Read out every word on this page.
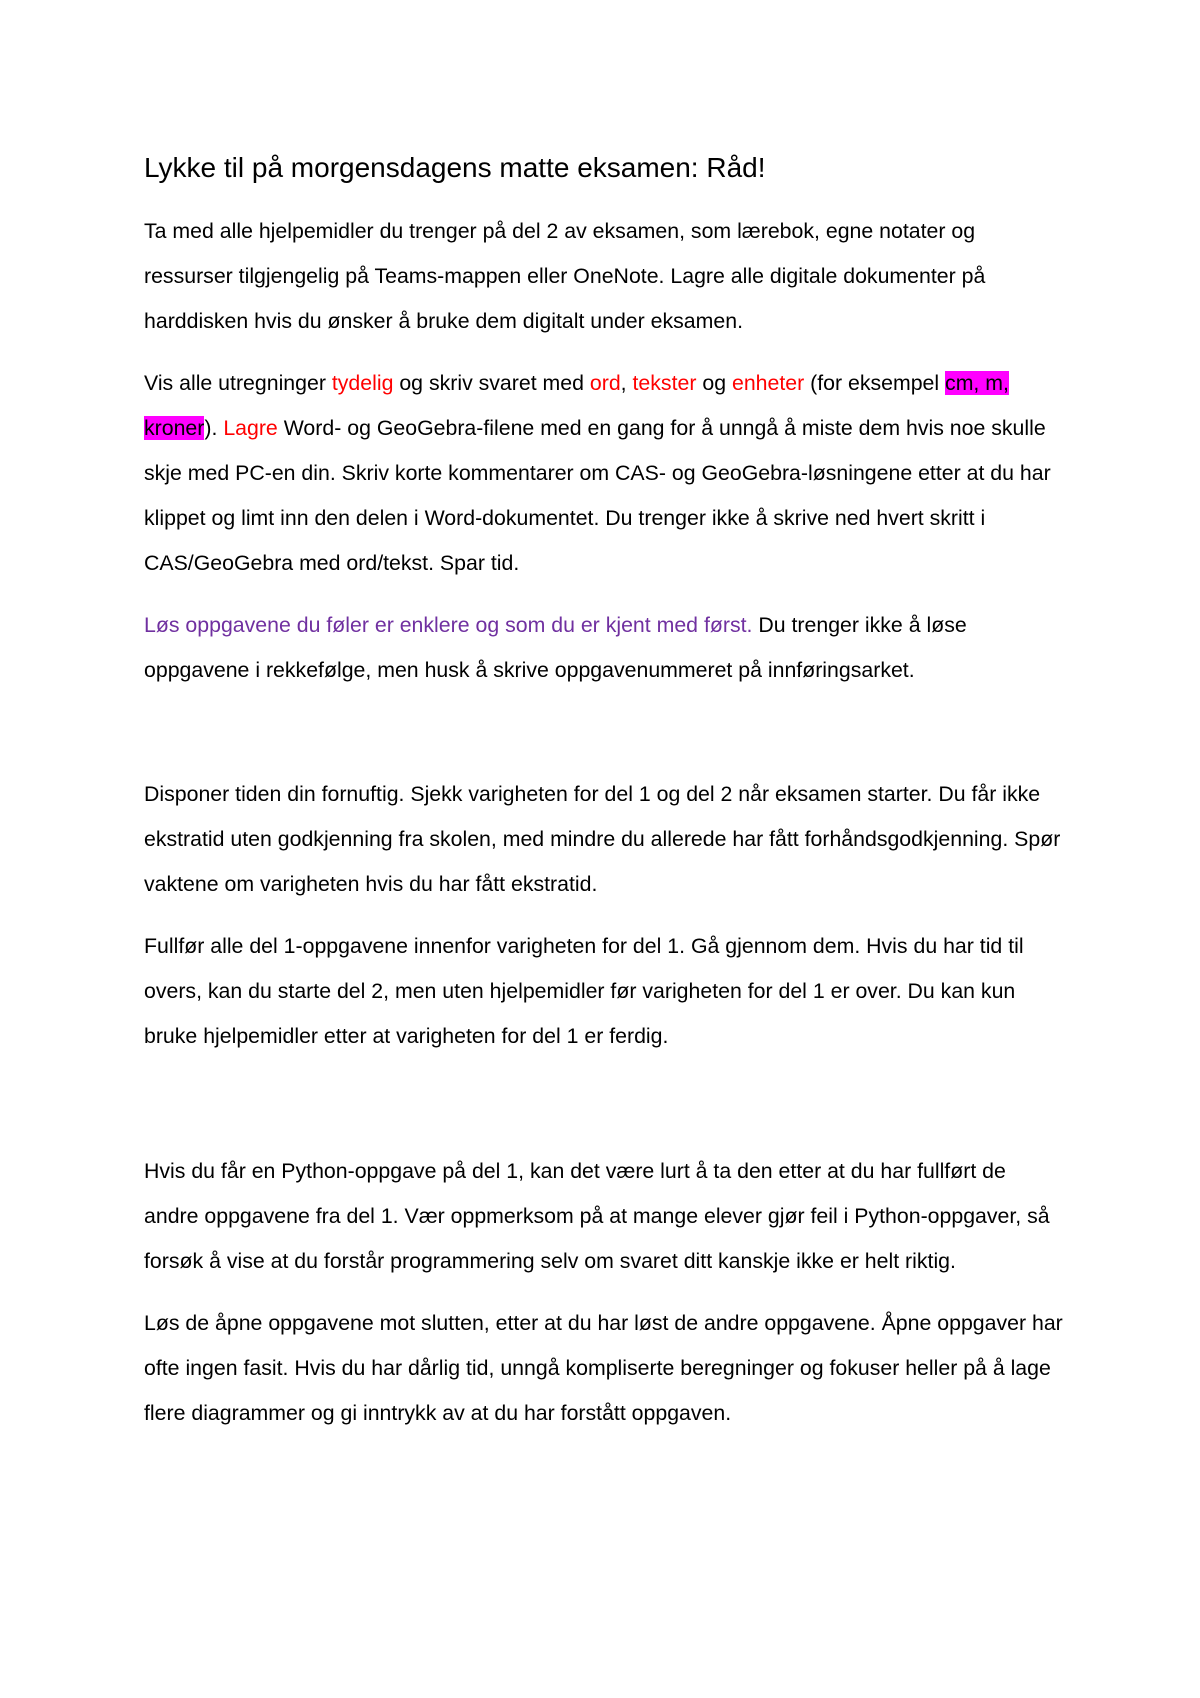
Lykke til på morgensdagens matte eksamen: Råd!

Ta med alle hjelpemidler du trenger på del 2 av eksamen, som lærebok, egne notater og ressurser tilgjengelig på Teams-mappen eller OneNote. Lagre alle digitale dokumenter på harddisken hvis du ønsker å bruke dem digitalt under eksamen.

Vis alle utregninger tydelig og skriv svaret med ord, tekster og enheter (for eksempel cm, m, kroner). Lagre Word- og GeoGebra-filene med en gang for å unngå å miste dem hvis noe skulle skje med PC-en din. Skriv korte kommentarer om CAS- og GeoGebra-løsningene etter at du har klippet og limt inn den delen i Word-dokumentet. Du trenger ikke å skrive ned hvert skritt i CAS/GeoGebra med ord/tekst. Spar tid.

Løs oppgavene du føler er enklere og som du er kjent med først. Du trenger ikke å løse oppgavene i rekkefølge, men husk å skrive oppgavenummeret på innføringsarket.

Disponer tiden din fornuftig. Sjekk varigheten for del 1 og del 2 når eksamen starter. Du får ikke ekstratid uten godkjenning fra skolen, med mindre du allerede har fått forhåndsgodkjenning. Spør vaktene om varigheten hvis du har fått ekstratid.

Fullfør alle del 1-oppgavene innenfor varigheten for del 1. Gå gjennom dem. Hvis du har tid til overs, kan du starte del 2, men uten hjelpemidler før varigheten for del 1 er over. Du kan kun bruke hjelpemidler etter at varigheten for del 1 er ferdig.

Hvis du får en Python-oppgave på del 1, kan det være lurt å ta den etter at du har fullført de andre oppgavene fra del 1. Vær oppmerksom på at mange elever gjør feil i Python-oppgaver, så forsøk å vise at du forstår programmering selv om svaret ditt kanskje ikke er helt riktig.

Løs de åpne oppgavene mot slutten, etter at du har løst de andre oppgavene. Åpne oppgaver har ofte ingen fasit. Hvis du har dårlig tid, unngå kompliserte beregninger og fokuser heller på å lage flere diagrammer og gi inntrykk av at du har forstått oppgaven.
